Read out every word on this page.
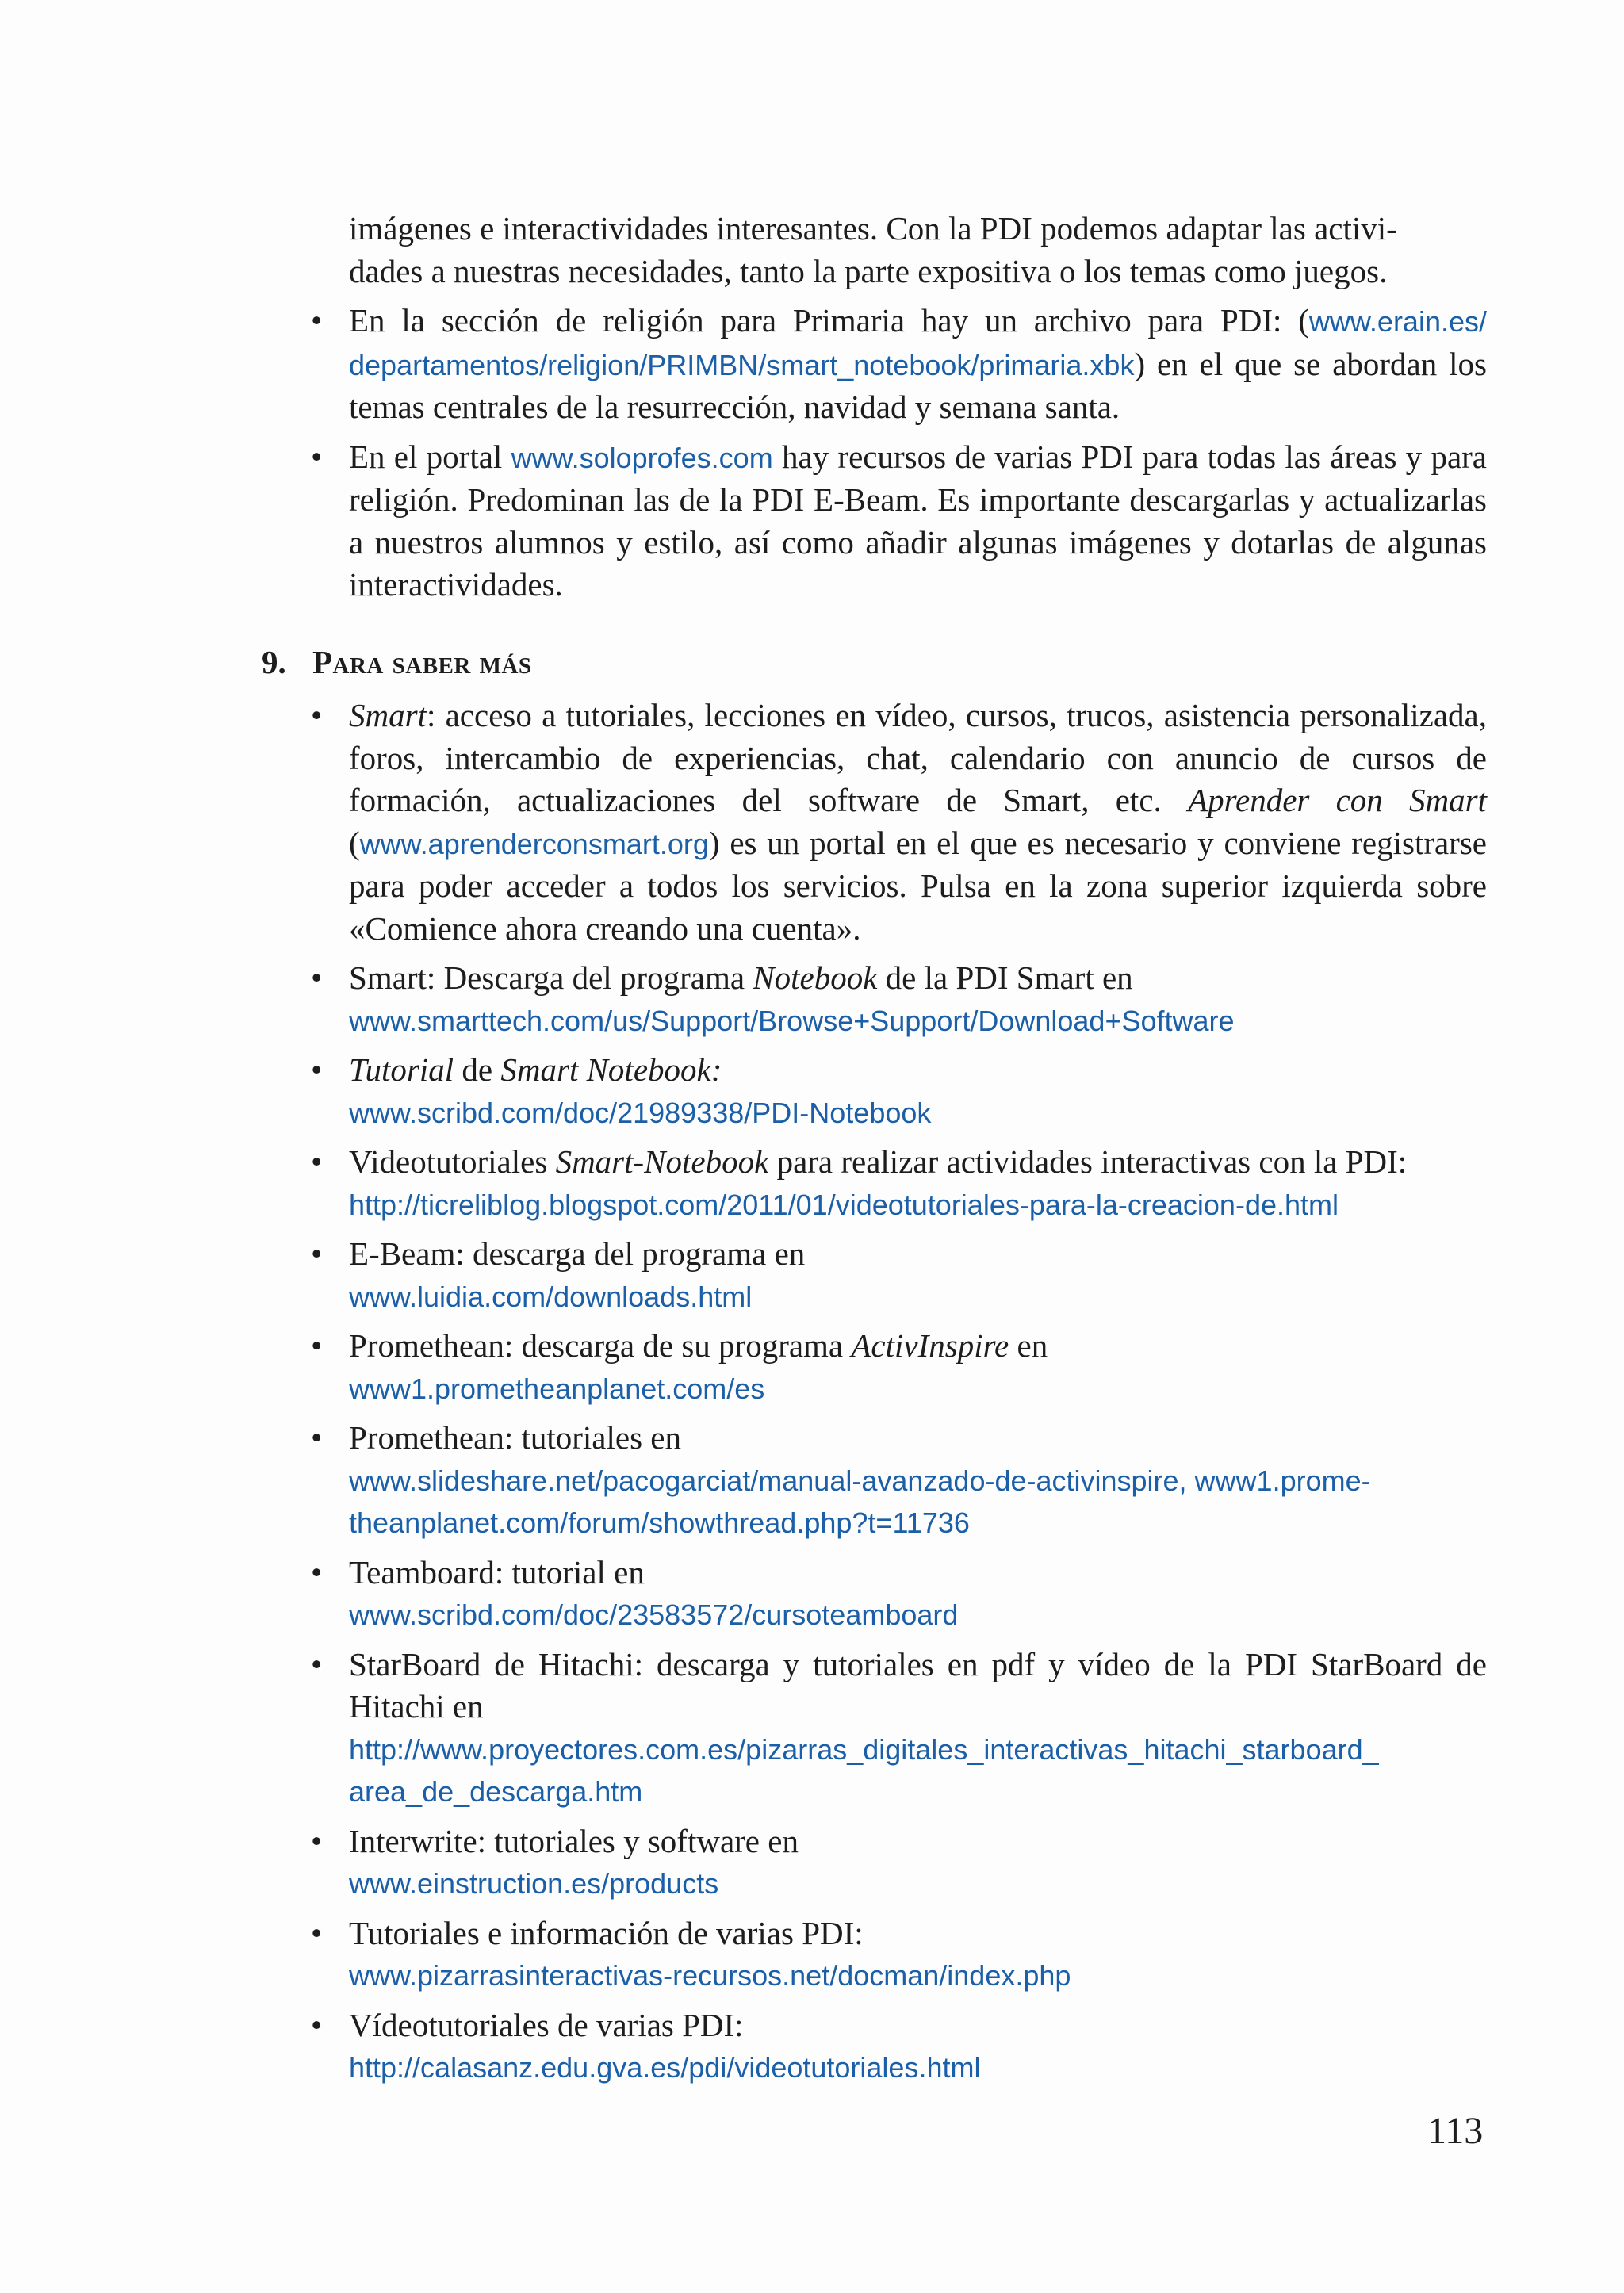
imágenes e interactividades interesantes. Con la PDI podemos adaptar las activi-
dades a nuestras necesidades, tanto la parte expositiva o los temas como juegos.

• En la sección de religión para Primaria hay un archivo para PDI: (www.erain.es/ departamentos/religion/PRIMBN/smart_notebook/primaria.xbk) en el que se abordan los temas centrales de la resurrección, navidad y semana santa.
• En el portal www.soloprofes.com hay recursos de varias PDI para todas las áreas y para religión. Predominan las de la PDI E-Beam. Es importante descargarlas y actualizarlas a nuestros alumnos y estilo, así como añadir algunas imágenes y dotarlas de algunas interactividades.
9. Para saber más
• Smart: acceso a tutoriales, lecciones en vídeo, cursos, trucos, asistencia personalizada, foros, intercambio de experiencias, chat, calendario con anuncio de cursos de formación, actualizaciones del software de Smart, etc. Aprender con Smart (www.aprenderconsmart.org) es un portal en el que es necesario y conviene registrarse para poder acceder a todos los servicios. Pulsa en la zona superior izquierda sobre «Comience ahora creando una cuenta».
• Smart: Descarga del programa Notebook de la PDI Smart en
www.smarttech.com/us/Support/Browse+Support/Download+Software
• Tutorial de Smart Notebook:
www.scribd.com/doc/21989338/PDI-Notebook
• Videotutoriales Smart-Notebook para realizar actividades interactivas con la PDI:
http://ticreliblog.blogspot.com/2011/01/videotutoriales-para-la-creacion-de.html
• E-Beam: descarga del programa en
www.luidia.com/downloads.html
• Promethean: descarga de su programa ActivInspire en
www1.prometheanplanet.com/es
• Promethean: tutoriales en
www.slideshare.net/pacogarciat/manual-avanzado-de-activinspire, www1.prome-
theanplanet.com/forum/showthread.php?t=11736
• Teamboard: tutorial en
www.scribd.com/doc/23583572/cursoteamboard
• StarBoard de Hitachi: descarga y tutoriales en pdf y vídeo de la PDI StarBoard de Hitachi en
http://www.proyectores.com.es/pizarras_digitales_interactivas_hitachi_starboard_
area_de_descarga.htm
• Interwrite: tutoriales y software en
www.einstruction.es/products
• Tutoriales e información de varias PDI:
www.pizarrasinteractivas-recursos.net/docman/index.php
• Vídeotutoriales de varias PDI:
http://calasanz.edu.gva.es/pdi/videotutoriales.html
113
